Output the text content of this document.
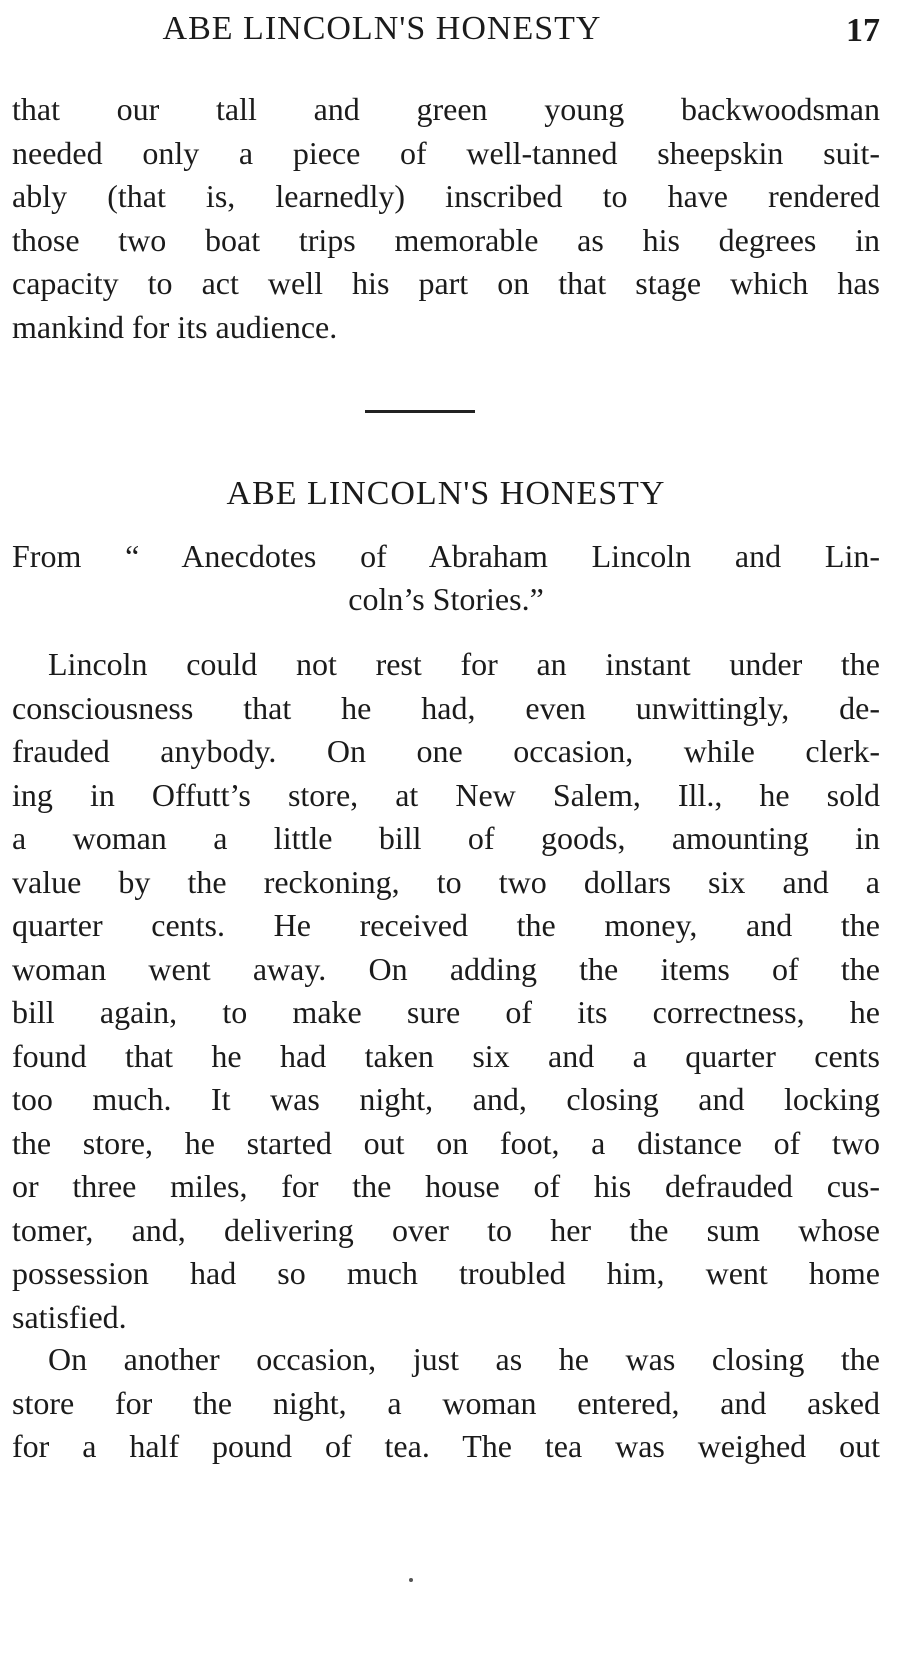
ABE LINCOLN'S HONESTY	17
that our tall and green young backwoodsman
needed only a piece of well-tanned sheepskin suit-
ably (that is, learnedly) inscribed to have rendered
those two boat trips memorable as his degrees in
capacity to act well his part on that stage which has
mankind for its audience.
ABE LINCOLN'S HONESTY
From “ Anecdotes of Abraham Lincoln and Lin-
coln’s Stories.”
Lincoln could not rest for an instant under the
consciousness that he had, even unwittingly, de-
frauded anybody. On one occasion, while clerk-
ing in Offutt’s store, at New Salem, Ill., he sold
a woman a little bill of goods, amounting in
value by the reckoning, to two dollars six and a
quarter cents. He received the money, and the
woman went away. On adding the items of the
bill again, to make sure of its correctness, he
found that he had taken six and a quarter cents
too much. It was night, and, closing and locking
the store, he started out on foot, a distance of two
or three miles, for the house of his defrauded cus-
tomer, and, delivering over to her the sum whose
possession had so much troubled him, went home
satisfied.
On another occasion, just as he was closing the
store for the night, a woman entered, and asked
for a half pound of tea. The tea was weighed out
